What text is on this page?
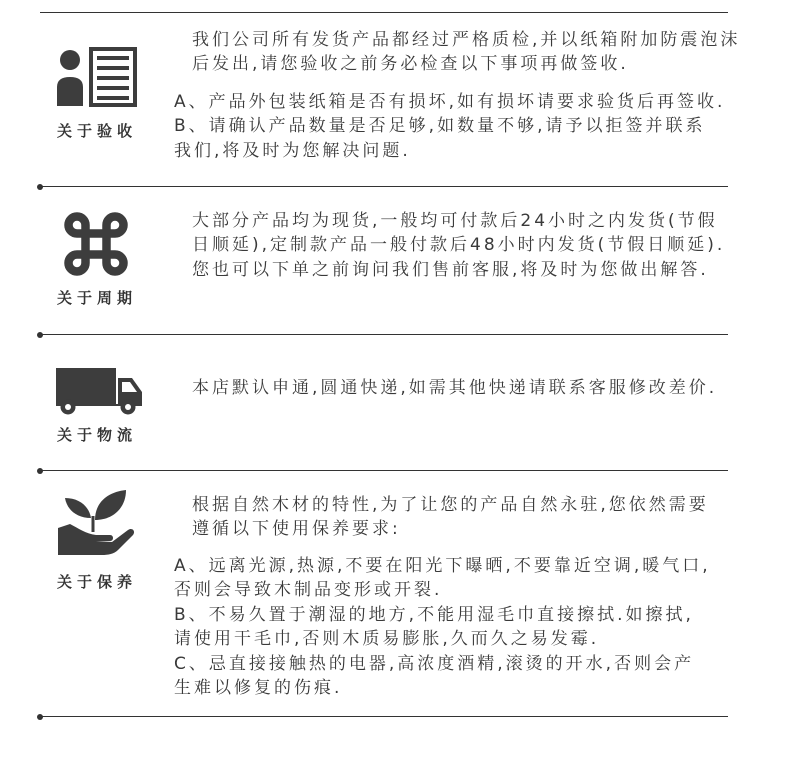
关于验收
我们公司所有发货产品都经过严格质检,并以纸箱附加防震泡沫
后发出,请您验收之前务必检查以下事项再做签收.
A、产品外包装纸箱是否有损坏,如有损坏请要求验货后再签收.
B、请确认产品数量是否足够,如数量不够,请予以拒签并联系
我们,将及时为您解决问题.
关于周期
大部分产品均为现货,一般均可付款后24小时之内发货(节假
日顺延),定制款产品一般付款后48小时内发货(节假日顺延).
您也可以下单之前询问我们售前客服,将及时为您做出解答.
关于物流
本店默认申通,圆通快递,如需其他快递请联系客服修改差价.
关于保养
根据自然木材的特性,为了让您的产品自然永驻,您依然需要
遵循以下使用保养要求:
A、远离光源,热源,不要在阳光下曝晒,不要靠近空调,暖气口,
否则会导致木制品变形或开裂.
B、不易久置于潮湿的地方,不能用湿毛巾直接擦拭.如擦拭,
请使用干毛巾,否则木质易膨胀,久而久之易发霉.
C、忌直接接触热的电器,高浓度酒精,滚烫的开水,否则会产
生难以修复的伤痕.
